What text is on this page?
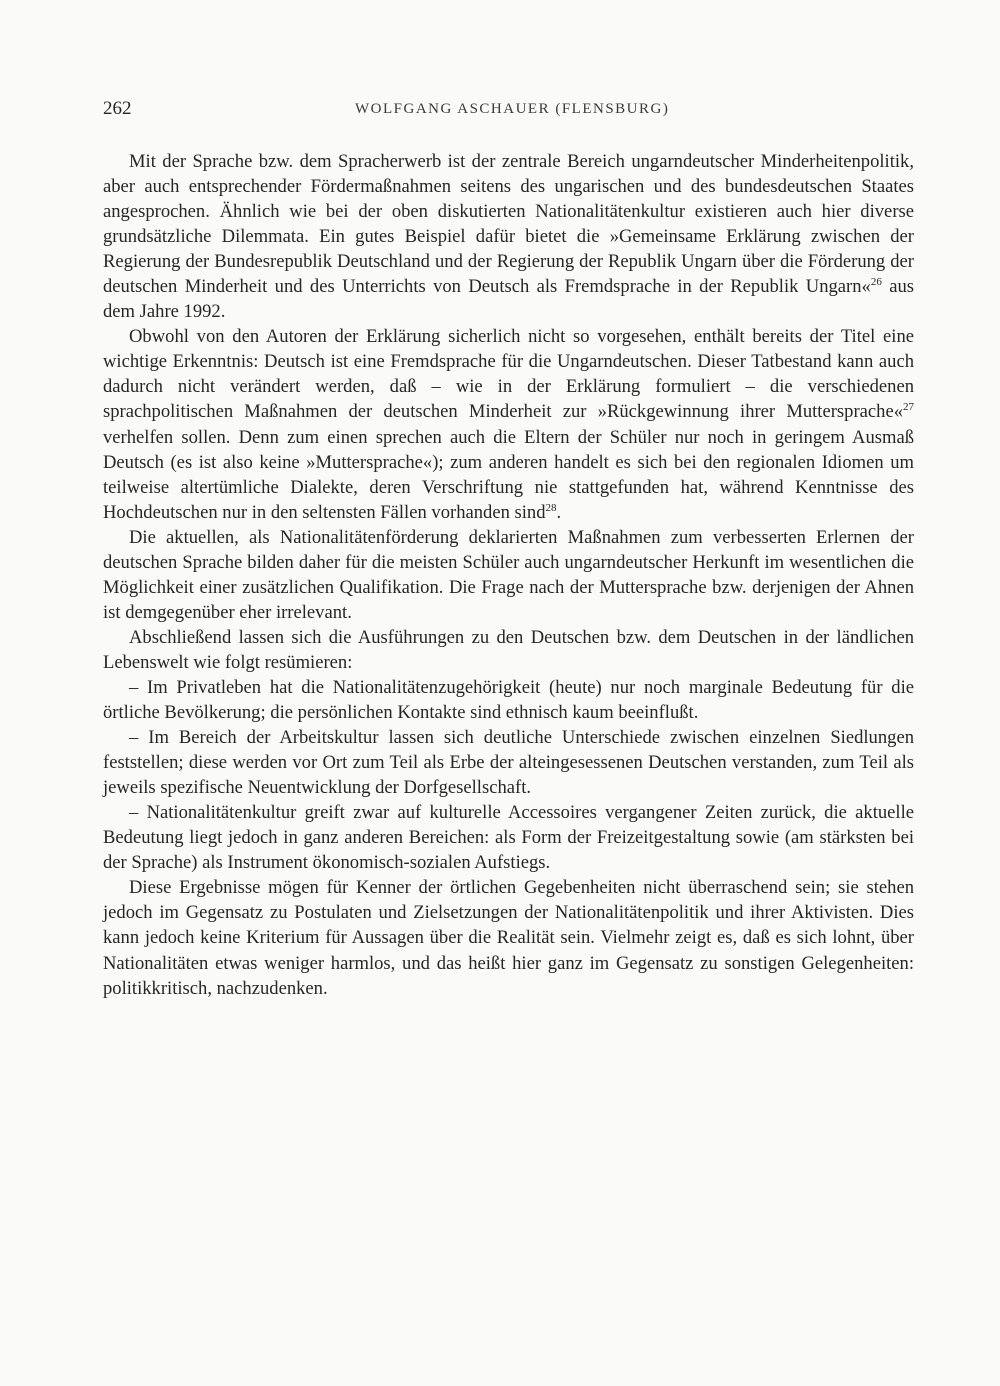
262	WOLFGANG ASCHAUER (FLENSBURG)

Mit der Sprache bzw. dem Spracherwerb ist der zentrale Bereich ungarndeutscher Minderheitenpolitik, aber auch entsprechender Fördermaßnahmen seitens des ungarischen und des bundesdeutschen Staates angesprochen. Ähnlich wie bei der oben diskutierten Nationalitätenkultur existieren auch hier diverse grundsätzliche Dilemmata. Ein gutes Beispiel dafür bietet die »Gemeinsame Erklärung zwischen der Regierung der Bundesrepublik Deutschland und der Regierung der Republik Ungarn über die Förderung der deutschen Minderheit und des Unterrichts von Deutsch als Fremdsprache in der Republik Ungarn«$^{26}$ aus dem Jahre 1992.

Obwohl von den Autoren der Erklärung sicherlich nicht so vorgesehen, enthält bereits der Titel eine wichtige Erkenntnis: Deutsch ist eine Fremdsprache für die Ungarndeutschen. Dieser Tatbestand kann auch dadurch nicht verändert werden, daß – wie in der Erklärung formuliert – die verschiedenen sprachpolitischen Maßnahmen der deutschen Minderheit zur »Rückgewinnung ihrer Muttersprache«$^{27}$ verhelfen sollen. Denn zum einen sprechen auch die Eltern der Schüler nur noch in geringem Ausmaß Deutsch (es ist also keine »Muttersprache«); zum anderen handelt es sich bei den regionalen Idiomen um teilweise altertümliche Dialekte, deren Verschriftung nie stattgefunden hat, während Kenntnisse des Hochdeutschen nur in den seltensten Fällen vorhanden sind$^{28}$.

Die aktuellen, als Nationalitätenförderung deklarierten Maßnahmen zum verbesserten Erlernen der deutschen Sprache bilden daher für die meisten Schüler auch ungarndeutscher Herkunft im wesentlichen die Möglichkeit einer zusätzlichen Qualifikation. Die Frage nach der Muttersprache bzw. derjenigen der Ahnen ist demgegenüber eher irrelevant.

Abschließend lassen sich die Ausführungen zu den Deutschen bzw. dem Deutschen in der ländlichen Lebenswelt wie folgt resümieren:

– Im Privatleben hat die Nationalitätenzugehörigkeit (heute) nur noch marginale Bedeutung für die örtliche Bevölkerung; die persönlichen Kontakte sind ethnisch kaum beeinflußt.

– Im Bereich der Arbeitskultur lassen sich deutliche Unterschiede zwischen einzelnen Siedlungen feststellen; diese werden vor Ort zum Teil als Erbe der alteingesessenen Deutschen verstanden, zum Teil als jeweils spezifische Neuentwicklung der Dorfgesellschaft.

– Nationalitätenkultur greift zwar auf kulturelle Accessoires vergangener Zeiten zurück, die aktuelle Bedeutung liegt jedoch in ganz anderen Bereichen: als Form der Freizeitgestaltung sowie (am stärksten bei der Sprache) als Instrument ökonomisch-sozialen Aufstiegs.

Diese Ergebnisse mögen für Kenner der örtlichen Gegebenheiten nicht überraschend sein; sie stehen jedoch im Gegensatz zu Postulaten und Zielsetzungen der Nationalitätenpolitik und ihrer Aktivisten. Dies kann jedoch keine Kriterium für Aussagen über die Realität sein. Vielmehr zeigt es, daß es sich lohnt, über Nationalitäten etwas weniger harmlos, und das heißt hier ganz im Gegensatz zu sonstigen Gelegenheiten: politikkritisch, nachzudenken.
